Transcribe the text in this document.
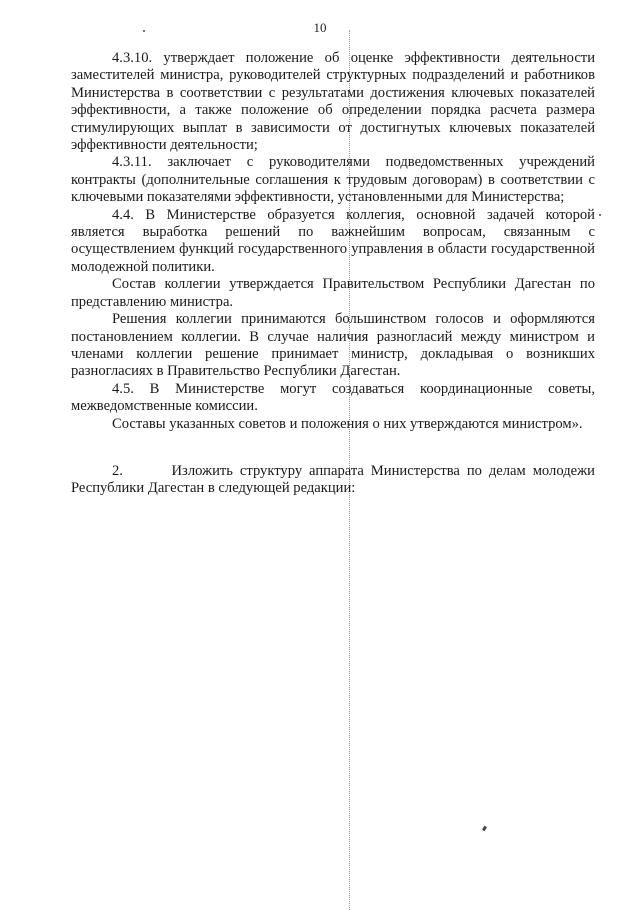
10

4.3.10. утверждает положение об оценке эффективности деятельности заместителей министра, руководителей структурных подразделений и работников Министерства в соответствии с результатами достижения ключевых показателей эффективности, а также положение об определении порядка расчета размера стимулирующих выплат в зависимости от достигнутых ключевых показателей эффективности деятельности;

4.3.11. заключает с руководителями подведомственных учреждений контракты (дополнительные соглашения к трудовым договорам) в соответствии с ключевыми показателями эффективности, установленными для Министерства;

4.4. В Министерстве образуется коллегия, основной задачей которой является выработка решений по важнейшим вопросам, связанным с осуществлением функций государственного управления в области государственной молодежной политики.

Состав коллегии утверждается Правительством Республики Дагестан по представлению министра.

Решения коллегии принимаются большинством голосов и оформляются постановлением коллегии. В случае наличия разногласий между министром и членами коллегии решение принимает министр, докладывая о возникших разногласиях в Правительство Республики Дагестан.

4.5. В Министерстве могут создаваться координационные советы, межведомственные комиссии.

Составы указанных советов и положения о них утверждаются министром».

2.       Изложить структуру аппарата Министерства по делам молодежи Республики Дагестан в следующей редакции:
